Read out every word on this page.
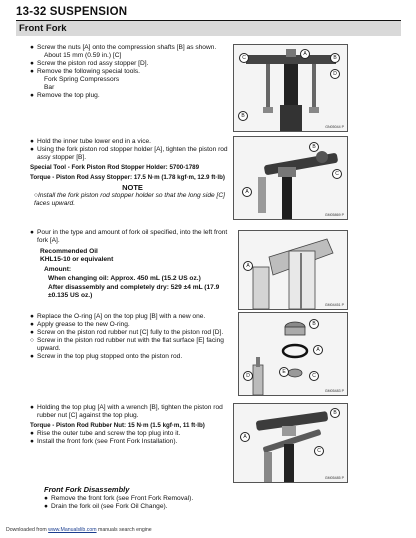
13-32 SUSPENSION
Front Fork
● Screw the nuts [A] onto the compression shafts [B] as shown.
About 15 mm (0.59 in.) [C]
● Screw the piston rod assy stopper [D].
● Remove the following special tools.
Fork Spring Compressors
Bar
● Remove the top plug.
C
A
B
D
B
GN05044 P
● Hold the inner tube lower end in a vice.
● Using the fork piston rod stopper holder [A], tighten the piston rod assy stopper [B].
Special Tool - Fork Piston Rod Stopper Holder: 5700-1789
Torque - Piston Rod Assy Stopper: 17.5 N·m (1.78 kgf·m, 12.9 ft·lb)
NOTE
○Install the fork piston rod stopper holder so that the long side [C] faces upward.
B
C
A
GM05869 P
● Pour in the type and amount of fork oil specified, into the left front fork [A].
Recommended Oil
KHL15-10 or equivalent
Amount:
When changing oil: Approx. 450 mL (15.2 US oz.)
After disassembly and completely dry: 529 ±4 mL (17.9 ±0.135 US oz.)
A
GM04451 P
● Replace the O-ring [A] on the top plug [B] with a new one.
● Apply grease to the new O-ring.
● Screw on the piston rod rubber nut [C] fully to the piston rod [D].
○ Screw in the piston rod rubber nut with the flat surface [E] facing upward.
● Screw in the top plug stopped onto the piston rod.
B
A
E
C
D
GM05483 P
● Holding the top plug [A] with a wrench [B], tighten the piston rod rubber nut [C] against the top plug.
Torque - Piston Rod Rubber Nut: 15 N·m (1.5 kgf·m, 11 ft·lb)
● Rise the outer tube and screw the top plug into it.
● Install the front fork (see Front Fork Installation).
B
C
A
GM05485 P
Front Fork Disassembly
● Remove the front fork (see Front Fork Removal).
● Drain the fork oil (see Fork Oil Change).
Downloaded from www.Manualslib.com manuals search engine
